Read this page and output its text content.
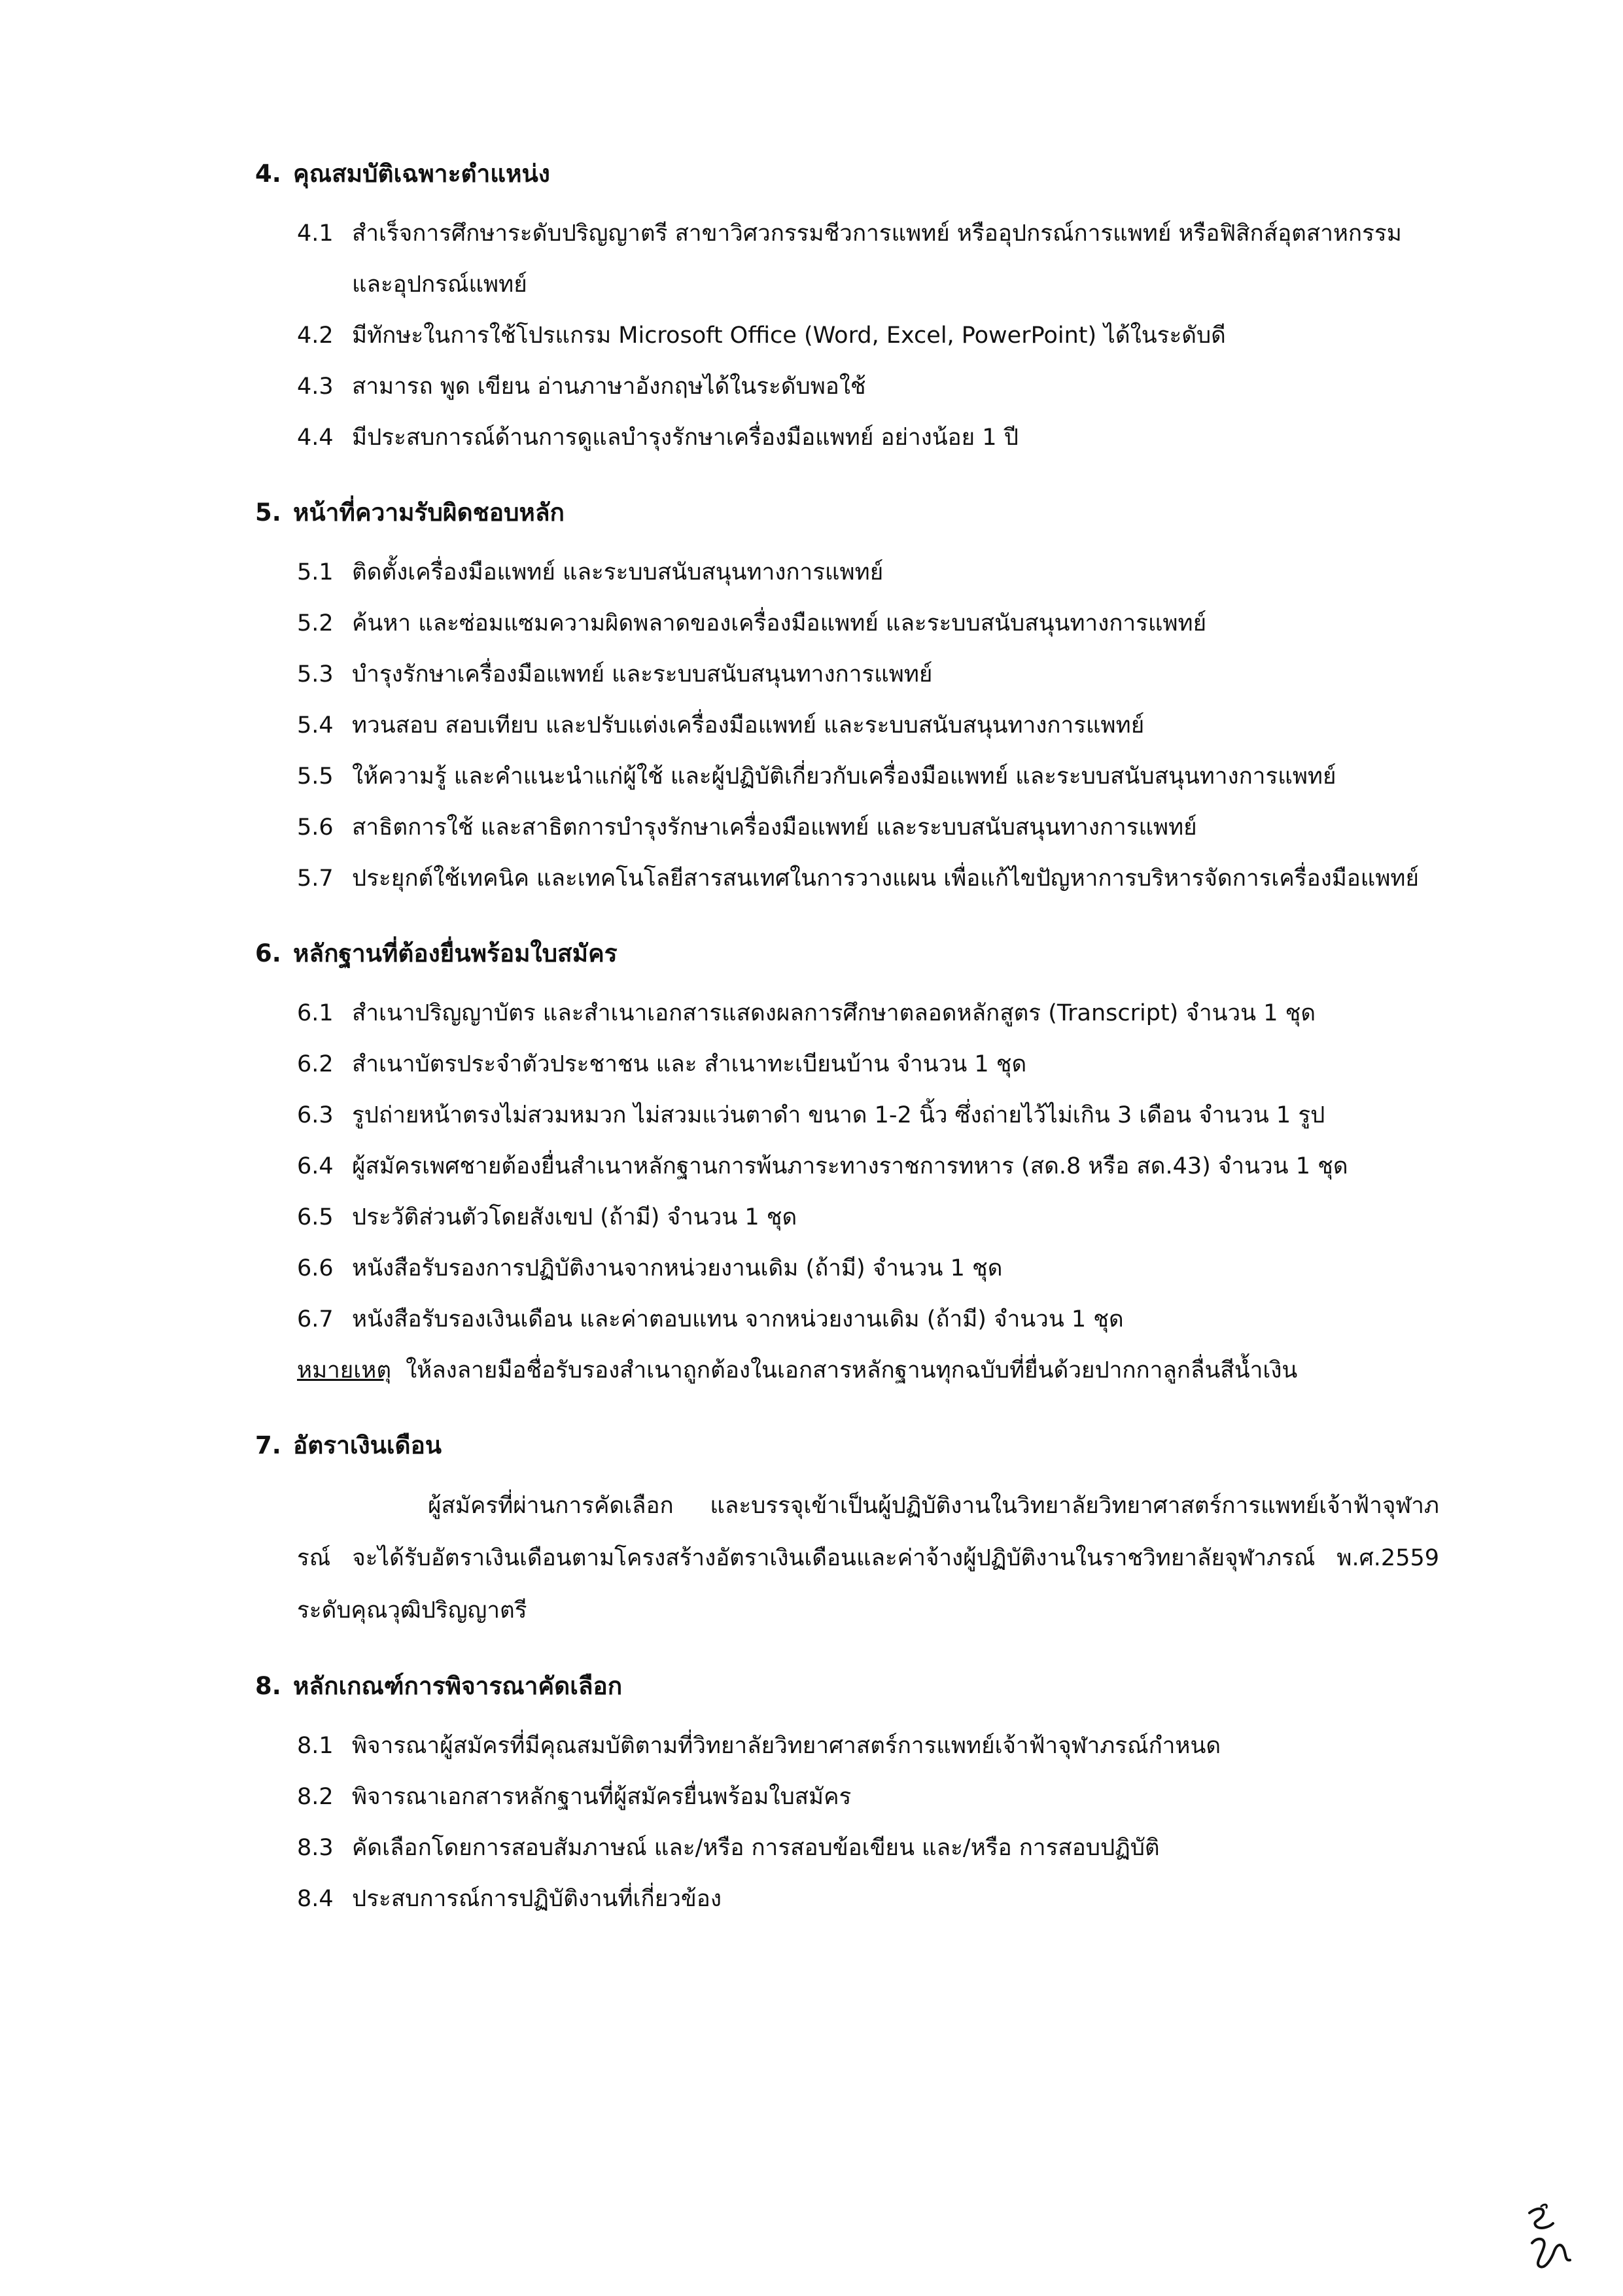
4. คุณสมบัติเฉพาะตำแหน่ง
4.1 สำเร็จการศึกษาระดับปริญญาตรี สาขาวิศวกรรมชีวการแพทย์ หรืออุปกรณ์การแพทย์ หรือฟิสิกส์อุตสาหกรรมและอุปกรณ์แพทย์
4.2 มีทักษะในการใช้โปรแกรม Microsoft Office (Word, Excel, PowerPoint) ได้ในระดับดี
4.3 สามารถ พูด เขียน อ่านภาษาอังกฤษได้ในระดับพอใช้
4.4 มีประสบการณ์ด้านการดูแลบำรุงรักษาเครื่องมือแพทย์ อย่างน้อย 1 ปี
5. หน้าที่ความรับผิดชอบหลัก
5.1 ติดตั้งเครื่องมือแพทย์ และระบบสนับสนุนทางการแพทย์
5.2 ค้นหา และซ่อมแซมความผิดพลาดของเครื่องมือแพทย์ และระบบสนับสนุนทางการแพทย์
5.3 บำรุงรักษาเครื่องมือแพทย์ และระบบสนับสนุนทางการแพทย์
5.4 ทวนสอบ สอบเทียบ และปรับแต่งเครื่องมือแพทย์ และระบบสนับสนุนทางการแพทย์
5.5 ให้ความรู้ และคำแนะนำแก่ผู้ใช้ และผู้ปฏิบัติเกี่ยวกับเครื่องมือแพทย์ และระบบสนับสนุนทางการแพทย์
5.6 สาธิตการใช้ และสาธิตการบำรุงรักษาเครื่องมือแพทย์ และระบบสนับสนุนทางการแพทย์
5.7 ประยุกต์ใช้เทคนิค และเทคโนโลยีสารสนเทศในการวางแผน เพื่อแก้ไขปัญหาการบริหารจัดการเครื่องมือแพทย์
6. หลักฐานที่ต้องยื่นพร้อมใบสมัคร
6.1 สำเนาปริญญาบัตร และสำเนาเอกสารแสดงผลการศึกษาตลอดหลักสูตร (Transcript) จำนวน 1 ชุด
6.2 สำเนาบัตรประจำตัวประชาชน และ สำเนาทะเบียนบ้าน จำนวน 1 ชุด
6.3 รูปถ่ายหน้าตรงไม่สวมหมวก ไม่สวมแว่นตาดำ ขนาด 1-2 นิ้ว ซึ่งถ่ายไว้ไม่เกิน 3 เดือน จำนวน 1 รูป
6.4 ผู้สมัครเพศชายต้องยื่นสำเนาหลักฐานการพ้นภาระทางราชการทหาร (สด.8 หรือ สด.43) จำนวน 1 ชุด
6.5 ประวัติส่วนตัวโดยสังเขป (ถ้ามี) จำนวน 1 ชุด
6.6 หนังสือรับรองการปฏิบัติงานจากหน่วยงานเดิม (ถ้ามี) จำนวน 1 ชุด
6.7 หนังสือรับรองเงินเดือน และค่าตอบแทน จากหน่วยงานเดิม (ถ้ามี) จำนวน 1 ชุด
หมายเหตุ ให้ลงลายมือชื่อรับรองสำเนาถูกต้องในเอกสารหลักฐานทุกฉบับที่ยื่นด้วยปากกาลูกลื่นสีน้ำเงิน
7. อัตราเงินเดือน
ผู้สมัครที่ผ่านการคัดเลือก และบรรจุเข้าเป็นผู้ปฏิบัติงานในวิทยาลัยวิทยาศาสตร์การแพทย์เจ้าฟ้าจุฬาภรณ์ จะได้รับอัตราเงินเดือนตามโครงสร้างอัตราเงินเดือนและค่าจ้างผู้ปฏิบัติงานในราชวิทยาลัยจุฬาภรณ์ พ.ศ.2559 ระดับคุณวุฒิปริญญาตรี
8. หลักเกณฑ์การพิจารณาคัดเลือก
8.1 พิจารณาผู้สมัครที่มีคุณสมบัติตามที่วิทยาลัยวิทยาศาสตร์การแพทย์เจ้าฟ้าจุฬาภรณ์กำหนด
8.2 พิจารณาเอกสารหลักฐานที่ผู้สมัครยื่นพร้อมใบสมัคร
8.3 คัดเลือกโดยการสอบสัมภาษณ์ และ/หรือ การสอบข้อเขียน และ/หรือ การสอบปฏิบัติ
8.4 ประสบการณ์การปฏิบัติงานที่เกี่ยวข้อง
